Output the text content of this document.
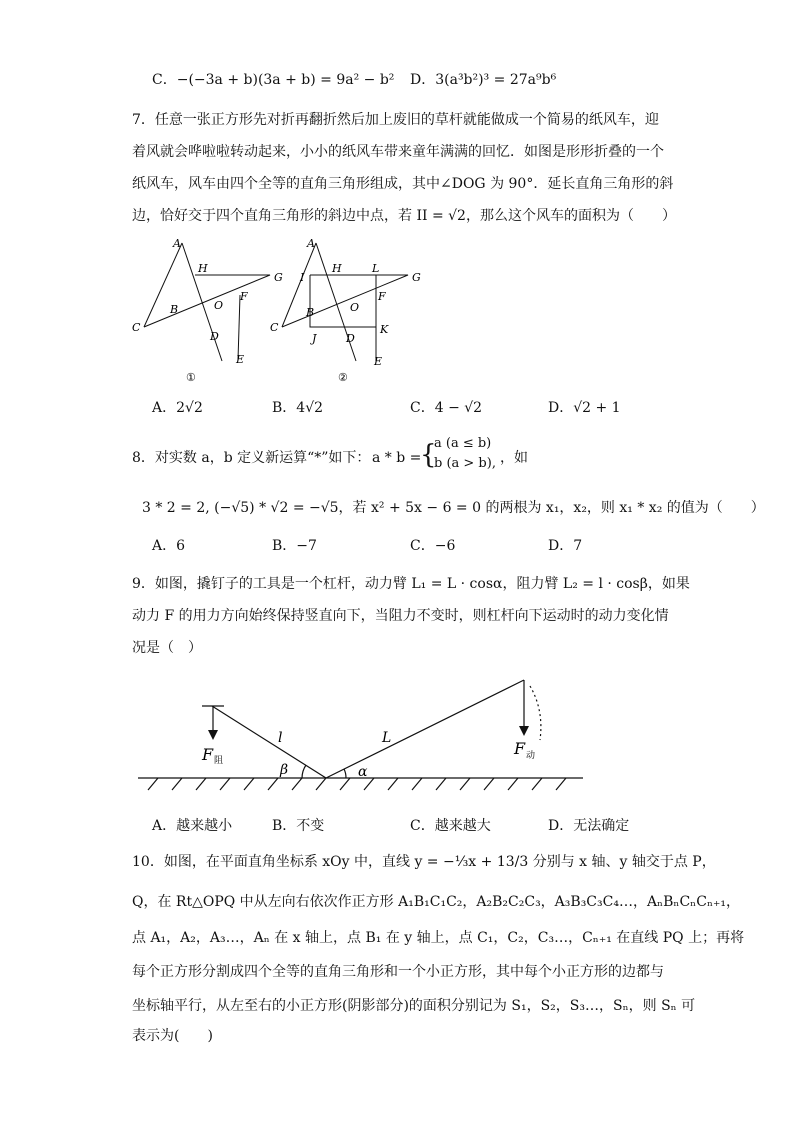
C．−(−3a + b)(3a + b) = 9a² − b² D．3(a³b²)³ = 27a⁹b⁶
7．任意一张正方形先对折再翻折然后加上废旧的草杆就能做成一个简易的纸风车，迎
着风就会哗啦啦转动起来，小小的纸风车带来童年满满的回忆．如图是形形折叠的一个
纸风车，风车由四个全等的直角三角形组成，其中∠DOG 为 90°．延长直角三角形的斜
边，恰好交于四个直角三角形的斜边中点，若 II = √2，那么这个风车的面积为（　　）
A
H
G
B	O
F
C
D
E
①
A
I
H	L
G
B	O
F
C
J	D
K
E
②
A．2√2	B．4√2	C．4 − √2	D．√2 + 1
8．对实数 a，b 定义新运算“*”如下： a * b =
{
a (a ≤ b)
b (a > b), ，如
3 * 2 = 2, (−√5) * √2 = −√5，若 x² + 5x − 6 = 0 的两根为 x₁，x₂，则 x₁ * x₂ 的值为（　　）
A．6	B．−7	C．−6	D．7
9．如图，撬钉子的工具是一个杠杆，动力臂 L₁ = L · cosα，阻力臂 L₂ = l · cosβ，如果
动力 F 的用力方向始终保持竖直向下，当阻力不变时，则杠杆向下运动时的动力变化情
况是（　）
l	L
β	α
F 阻
F 动
A．越来越小	B．不变	C．越来越大	D．无法确定
10．如图，在平面直角坐标系 xOy 中，直线 y = −⅓x + 13/3 分别与 x 轴、y 轴交于点 P，
Q，在 Rt△OPQ 中从左向右依次作正方形 A₁B₁C₁C₂，A₂B₂C₂C₃，A₃B₃C₃C₄…，AₙBₙCₙCₙ₊₁，
点 A₁，A₂，A₃…，Aₙ 在 x 轴上，点 B₁ 在 y 轴上，点 C₁，C₂，C₃…，Cₙ₊₁ 在直线 PQ 上；再将
每个正方形分割成四个全等的直角三角形和一个小正方形，其中每个小正方形的边都与
坐标轴平行，从左至右的小正方形(阴影部分)的面积分别记为 S₁，S₂，S₃…，Sₙ，则 Sₙ 可
表示为(　　)
